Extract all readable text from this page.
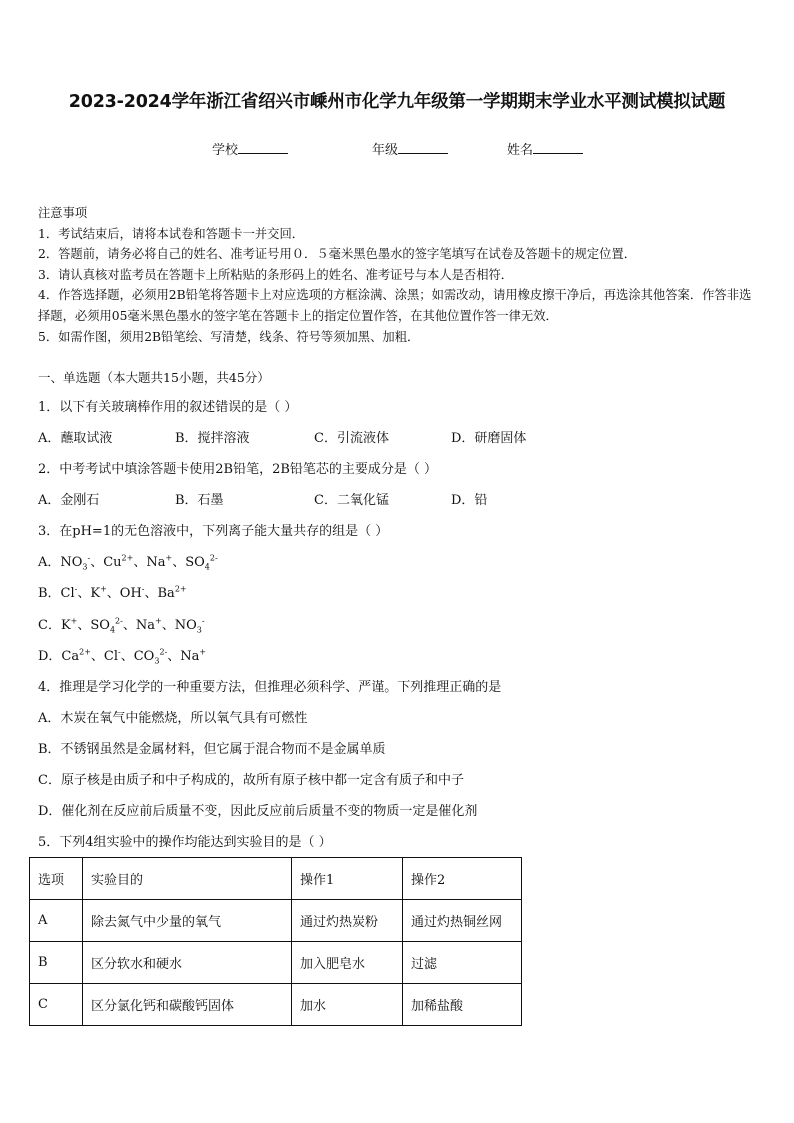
2023-2024学年浙江省绍兴市嵊州市化学九年级第一学期期末学业水平测试模拟试题
学校	年级	姓名
注意事项
1．考试结束后，请将本试卷和答题卡一并交回．
2．答题前，请务必将自己的姓名、准考证号用０．５毫米黑色墨水的签字笔填写在试卷及答题卡的规定位置．
3．请认真核对监考员在答题卡上所粘贴的条形码上的姓名、准考证号与本人是否相符．
4．作答选择题，必须用2B铅笔将答题卡上对应选项的方框涂满、涂黑；如需改动，请用橡皮擦干净后，再选涂其他答案．作答非选择题，必须用05毫米黑色墨水的签字笔在答题卡上的指定位置作答，在其他位置作答一律无效．
5．如需作图，须用2B铅笔绘、写清楚，线条、符号等须加黑、加粗．
一、单选题（本大题共15小题，共45分）
1．以下有关玻璃棒作用的叙述错误的是（ ）
A．蘸取试液	B．搅拌溶液	C．引流液体	D．研磨固体
2．中考考试中填涂答题卡使用2B铅笔，2B铅笔芯的主要成分是（ ）
A．金刚石	B．石墨	C．二氧化锰	D．铅
3．在pH=1的无色溶液中，下列离子能大量共存的组是（ ）
A．$NO_3^-$、$Cu^{2+}$、Na+、$SO_4^{2-}$
B．Cl-、K+、OH-、$Ba^{2+}$
C．K+、$SO_4^{2-}$、Na+、$NO_3^-$
D．$Ca^{2+}$、Cl-、$CO_3^{2-}$、Na+
4．推理是学习化学的一种重要方法，但推理必须科学、严谨。下列推理正确的是
A．木炭在氧气中能燃烧，所以氧气具有可燃性
B．不锈钢虽然是金属材料，但它属于混合物而不是金属单质
C．原子核是由质子和中子构成的，故所有原子核中都一定含有质子和中子
D．催化剂在反应前后质量不变，因此反应前后质量不变的物质一定是催化剂
5．下列4组实验中的操作均能达到实验目的是（ ）
选项	实验目的	操作1	操作2
A	除去氮气中少量的氧气	通过灼热炭粉	通过灼热铜丝网
B	区分软水和硬水	加入肥皂水	过滤
C	区分氯化钙和碳酸钙固体	加水	加稀盐酸
